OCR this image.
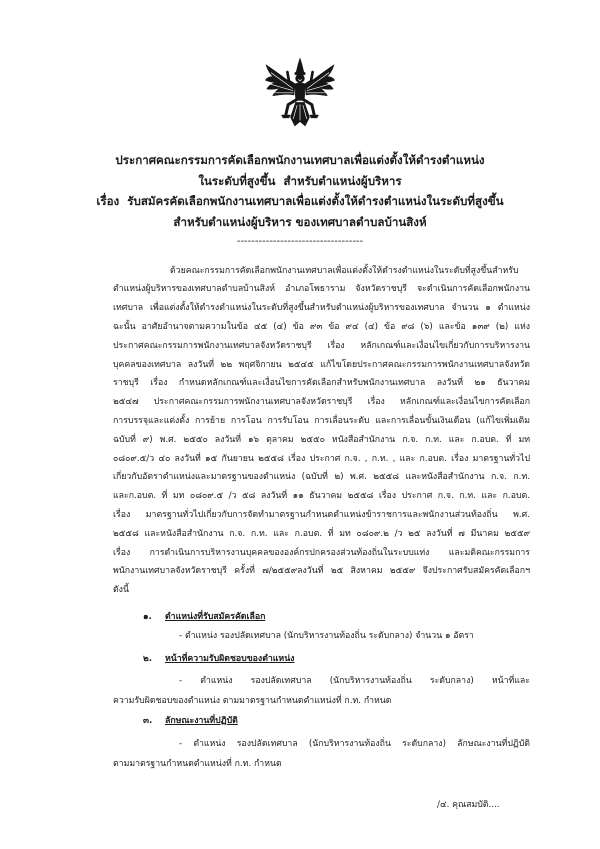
ประกาศคณะกรรมการคัดเลือกพนักงานเทศบาลเพื่อแต่งตั้งให้ดำรงตำแหน่ง
ในระดับที่สูงขึ้น  สำหรับตำแหน่งผู้บริหาร
เรื่อง  รับสมัครคัดเลือกพนักงานเทศบาลเพื่อแต่งตั้งให้ดำรงตำแหน่งในระดับที่สูงขึ้น
สำหรับตำแหน่งผู้บริหาร ของเทศบาลตำบลบ้านสิงห์
-----------------------------------
ด้วยคณะกรรมการคัดเลือกพนักงานเทศบาลเพื่อแต่งตั้งให้ดำรงตำแหน่งในระดับที่สูงขึ้นสำหรับ
ตำแหน่งผู้บริหารของเทศบาลตำบลบ้านสิงห์ อำเภอโพธาราม จังหวัดราชบุรี จะดำเนินการคัดเลือกพนักงาน
เทศบาล เพื่อแต่งตั้งให้ดำรงตำแหน่งในระดับที่สูงขึ้นสำหรับตำแหน่งผู้บริหารของเทศบาล จำนวน ๑ ตำแหน่ง
ฉะนั้น อาศัยอำนาจตามความในข้อ ๔๕ (๔) ข้อ ๙๓ ข้อ ๙๔ (๔) ข้อ ๙๘ (๖) และข้อ ๑๓๙ (๒) แห่ง
ประกาศคณะกรรมการพนักงานเทศบาลจังหวัดราชบุรี เรื่อง หลักเกณฑ์และเงื่อนไขเกี่ยวกับการบริหารงาน
บุคคลของเทศบาล ลงวันที่ ๒๒ พฤศจิกายน ๒๕๔๕ แก้ไขโดยประกาศคณะกรรมการพนักงานเทศบาลจังหวัด
ราชบุรี เรื่อง กำหนดหลักเกณฑ์และเงื่อนไขการคัดเลือกสำหรับพนักงานเทศบาล ลงวันที่ ๒๑ ธันวาคม
๒๕๔๗ ประกาศคณะกรรมการพนักงานเทศบาลจังหวัดราชบุรี เรื่อง หลักเกณฑ์และเงื่อนไขการคัดเลือก
การบรรจุและแต่งตั้ง การย้าย การโอน การรับโอน การเลื่อนระดับ และการเลื่อนขั้นเงินเดือน (แก้ไขเพิ่มเติม
ฉบับที่ ๙) พ.ศ. ๒๕๕๐ ลงวันที่ ๑๖ ตุลาคม ๒๕๕๐ หนังสือสำนักงาน ก.จ. ก.ท. และ ก.อบต. ที่ มท
๐๘๐๙.๕/ว ๔๐ ลงวันที่ ๑๕ กันยายน ๒๕๕๘ เรื่อง ประกาศ ก.จ. , ก.ท. , และ ก.อบต. เรื่อง มาตรฐานทั่วไป
เกี่ยวกับอัตราตำแหน่งและมาตรฐานของตำแหน่ง (ฉบับที่ ๒) พ.ศ. ๒๕๕๘ และหนังสือสำนักงาน ก.จ. ก.ท.
และก.อบต. ที่ มท ๐๘๐๙.๕ /ว ๕๘ ลงวันที่ ๑๑ ธันวาคม ๒๕๕๘ เรื่อง ประกาศ ก.จ. ก.ท. และ ก.อบต.
เรื่อง มาตรฐานทั่วไปเกี่ยวกับการจัดทำมาตรฐานกำหนดตำแหน่งข้าราชการและพนักงานส่วนท้องถิ่น พ.ศ.
๒๕๕๘ และหนังสือสำนักงาน ก.จ. ก.ท. และ ก.อบต. ที่ มท ๐๘๐๙.๒ /ว ๒๕ ลงวันที่ ๗ มีนาคม ๒๕๕๙
เรื่อง การดำเนินการบริหารงานบุคคลขององค์กรปกครองส่วนท้องถิ่นในระบบแท่ง และมติคณะกรรมการ
พนักงานเทศบาลจังหวัดราชบุรี ครั้งที่ ๗/๒๕๕๙ลงวันที่ ๒๕ สิงหาคม ๒๕๕๙ จึงประกาศรับสมัครคัดเลือกฯ
ดังนี้
๑. ตำแหน่งที่รับสมัครคัดเลือก
- ตำแหน่ง รองปลัดเทศบาล (นักบริหารงานท้องถิ่น ระดับกลาง) จำนวน ๑ อัตรา
๒. หน้าที่ความรับผิดชอบของตำแหน่ง
- ตำแหน่ง รองปลัดเทศบาล (นักบริหารงานท้องถิ่น ระดับกลาง) หน้าที่และ
ความรับผิดชอบของตำแหน่ง ตามมาตรฐานกำหนดตำแหน่งที่ ก.ท. กำหนด
๓. ลักษณะงานที่ปฏิบัติ
- ตำแหน่ง รองปลัดเทศบาล (นักบริหารงานท้องถิ่น ระดับกลาง) ลักษณะงานที่ปฏิบัติ
ตามมาตรฐานกำหนดตำแหน่งที่ ก.ท. กำหนด
/๔. คุณสมบัติ....
